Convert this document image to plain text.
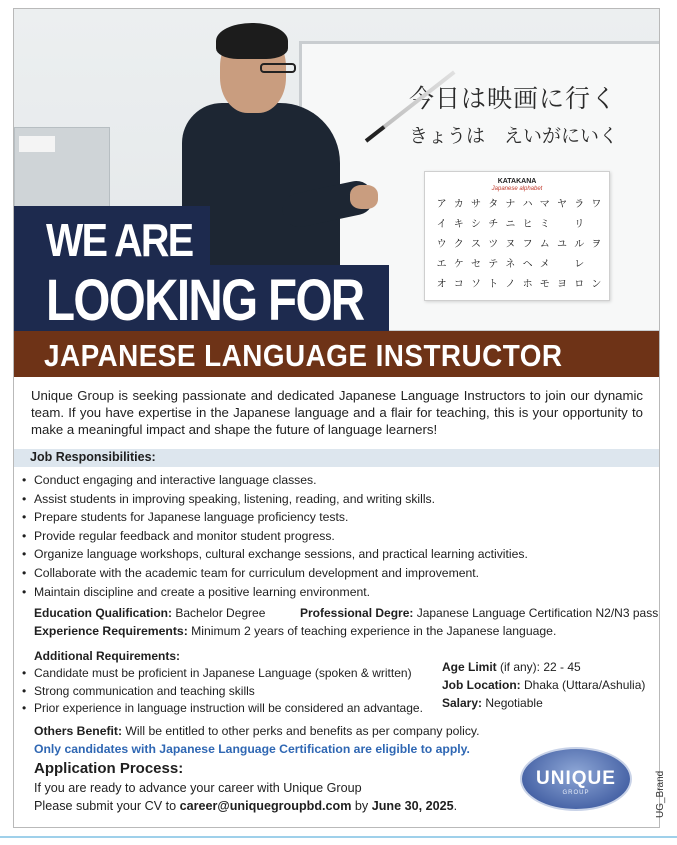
今日は映画に行く
きょうは　えいがにいく
KATAKANA
Japanese alphabet
ア カ サ タ ナ ハ マ ヤ ラ ワ
イ キ シ チ ニ ヒ ミ	リ
ウ ク ス ツ ヌ フ ム ユ ル ヲ
エ ケ セ テ ネ ヘ メ	レ
オ コ ソ ト ノ ホ モ ヨ ロ ン
WE ARE
LOOKING FOR
JAPANESE LANGUAGE INSTRUCTOR

Unique Group is seeking passionate and dedicated Japanese Language Instructors to join our dynamic team. If you have expertise in the Japanese language and a flair for teaching, this is your opportunity to make a meaningful impact and shape the future of language learners!

Job Responsibilities:
• Conduct engaging and interactive language classes.
• Assist students in improving speaking, listening, reading, and writing skills.
• Prepare students for Japanese language proficiency tests.
• Provide regular feedback and monitor student progress.
• Organize language workshops, cultural exchange sessions, and practical learning activities.
• Collaborate with the academic team for curriculum development and improvement.
• Maintain discipline and create a positive learning environment.
Education Qualification: Bachelor Degree	Professional Degre: Japanese Language Certification N2/N3 pass
Experience Requirements: Minimum 2 years of teaching experience in the Japanese language.
Additional Requirements:
• Candidate must be proficient in Japanese Language (spoken & written)
• Strong communication and teaching skills
• Prior experience in language instruction will be considered an advantage.
Age Limit (if any): 22 - 45
Job Location: Dhaka (Uttara/Ashulia)
Salary: Negotiable
Others Benefit: Will be entitled to other perks and benefits as per company policy.
Only candidates with Japanese Language Certification are eligible to apply.
Application Process:
If you are ready to advance your career with Unique Group
Please submit your CV to career@uniquegroupbd.com by June 30, 2025.
UNIQUE
GROUP	UG_Brand
